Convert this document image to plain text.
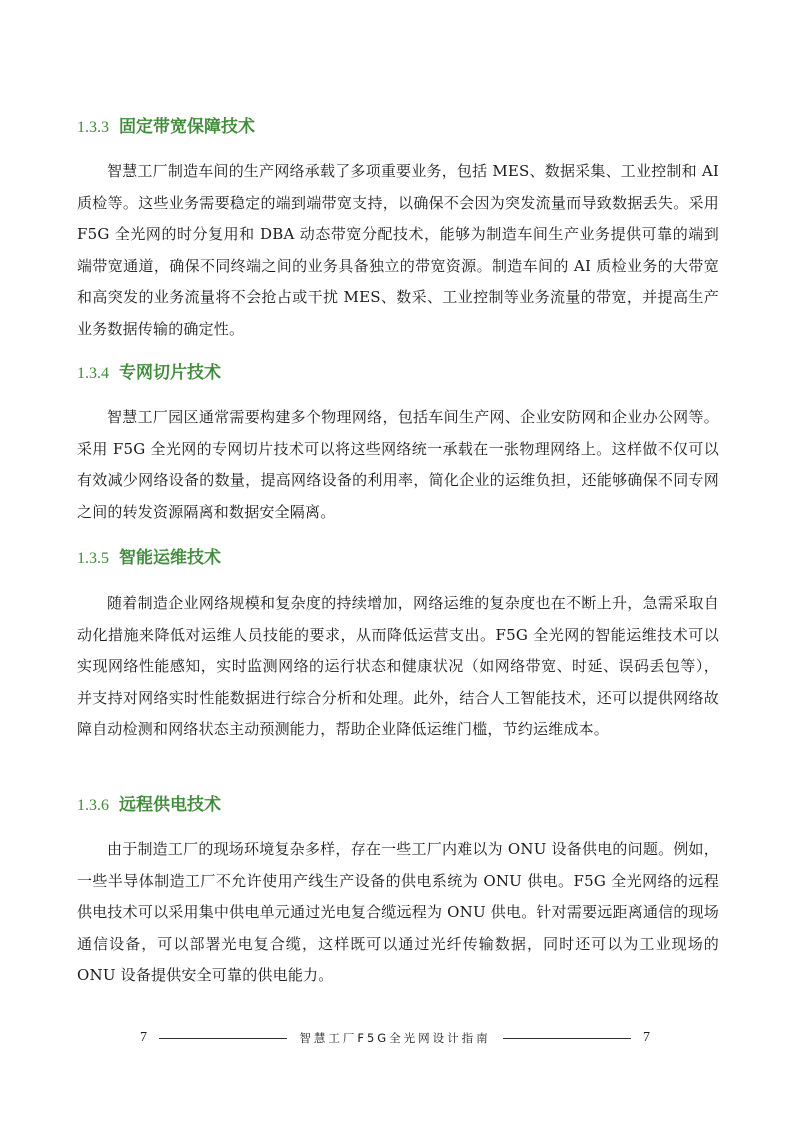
1.3.3 固定带宽保障技术

智慧工厂制造车间的生产网络承载了多项重要业务，包括 MES、数据采集、工业控制和 AI 质检等。这些业务需要稳定的端到端带宽支持，以确保不会因为突发流量而导致数据丢失。采用 F5G 全光网的时分复用和 DBA 动态带宽分配技术，能够为制造车间生产业务提供可靠的端到端带宽通道，确保不同终端之间的业务具备独立的带宽资源。制造车间的 AI 质检业务的大带宽和高突发的业务流量将不会抢占或干扰 MES、数采、工业控制等业务流量的带宽，并提高生产业务数据传输的确定性。

1.3.4 专网切片技术

智慧工厂园区通常需要构建多个物理网络，包括车间生产网、企业安防网和企业办公网等。采用 F5G 全光网的专网切片技术可以将这些网络统一承载在一张物理网络上。这样做不仅可以有效减少网络设备的数量，提高网络设备的利用率，简化企业的运维负担，还能够确保不同专网之间的转发资源隔离和数据安全隔离。

1.3.5 智能运维技术

随着制造企业网络规模和复杂度的持续增加，网络运维的复杂度也在不断上升，急需采取自动化措施来降低对运维人员技能的要求，从而降低运营支出。F5G 全光网的智能运维技术可以实现网络性能感知，实时监测网络的运行状态和健康状况（如网络带宽、时延、误码丢包等），并支持对网络实时性能数据进行综合分析和处理。此外，结合人工智能技术，还可以提供网络故障自动检测和网络状态主动预测能力，帮助企业降低运维门槛，节约运维成本。

1.3.6 远程供电技术

由于制造工厂的现场环境复杂多样，存在一些工厂内难以为 ONU 设备供电的问题。例如，一些半导体制造工厂不允许使用产线生产设备的供电系统为 ONU 供电。F5G 全光网络的远程供电技术可以采用集中供电单元通过光电复合缆远程为 ONU 供电。针对需要远距离通信的现场通信设备，可以部署光电复合缆，这样既可以通过光纤传输数据，同时还可以为工业现场的 ONU 设备提供安全可靠的供电能力。

7	智慧工厂F5G全光网设计指南	7
